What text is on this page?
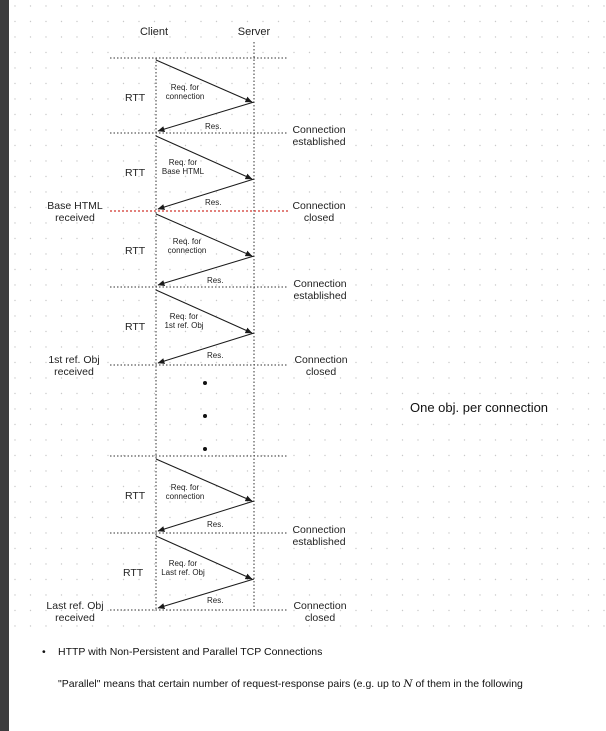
Client	Server
RTT
RTT
RTT
RTT
RTT
RTT
Req. for
connection
Req. for
Base HTML
Req. for
connection
Req. for
1st ref. Obj
Req. for
connection
Req. for
Last ref. Obj
Res.
Res.
Res.
Res.
Res.
Res.
Connection
established
Connection
closed
Connection
established
Connection
closed
Connection
established
Connection
closed
Base HTML
received
1st ref. Obj
received
Last ref. Obj
received
One obj. per connection
• HTTP with Non-Persistent and Parallel TCP Connections
"Parallel" means that certain number of request-response pairs (e.g. up to N of them in the following
